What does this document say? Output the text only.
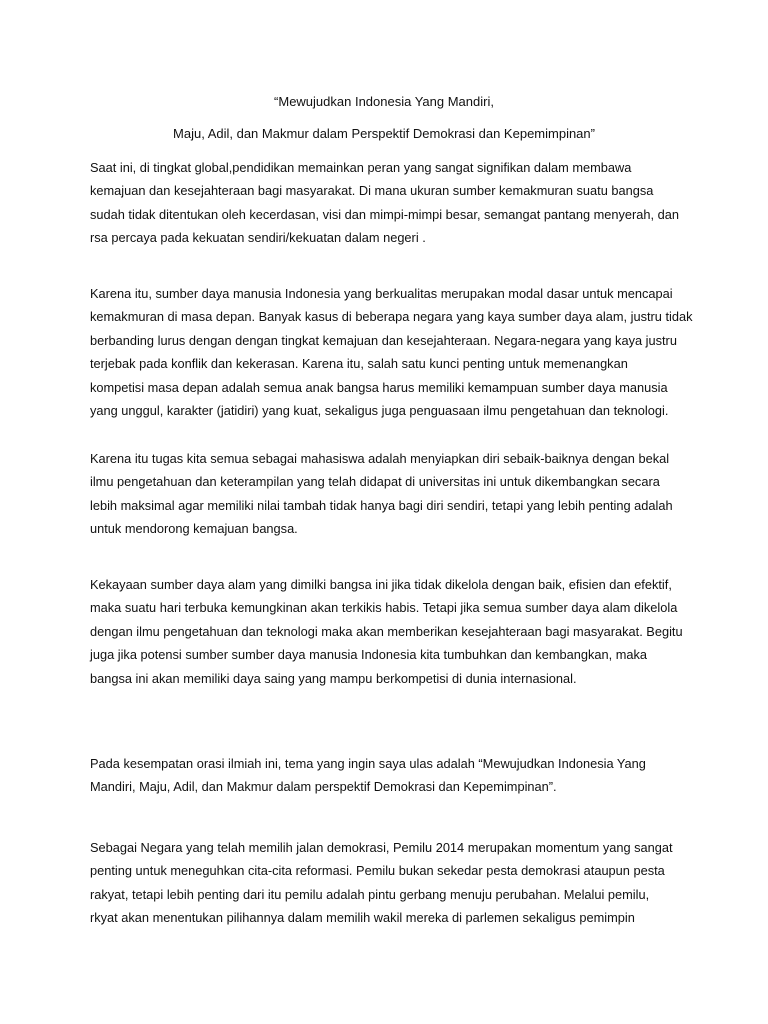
“Mewujudkan Indonesia Yang Mandiri,
Maju, Adil, dan Makmur dalam Perspektif Demokrasi dan Kepemimpinan”
Saat ini, di tingkat global,pendidikan memainkan peran yang sangat signifikan dalam membawa
kemajuan dan kesejahteraan bagi masyarakat. Di mana ukuran sumber kemakmuran suatu bangsa
sudah tidak ditentukan oleh kecerdasan, visi dan mimpi-mimpi besar, semangat pantang menyerah, dan
rsa percaya pada kekuatan sendiri/kekuatan dalam negeri .
Karena itu, sumber daya manusia Indonesia yang berkualitas merupakan modal dasar untuk mencapai
kemakmuran di masa depan. Banyak kasus di beberapa negara yang kaya sumber daya alam, justru tidak
berbanding lurus dengan dengan tingkat kemajuan dan kesejahteraan. Negara-negara yang kaya justru
terjebak pada konflik dan kekerasan. Karena itu, salah satu kunci penting untuk memenangkan
kompetisi masa depan adalah semua anak bangsa harus memiliki kemampuan sumber daya manusia
yang unggul, karakter (jatidiri) yang kuat, sekaligus juga penguasaan ilmu pengetahuan dan teknologi.
Karena itu tugas kita semua sebagai mahasiswa adalah menyiapkan diri sebaik-baiknya dengan bekal
ilmu pengetahuan dan keterampilan yang telah didapat di universitas ini untuk dikembangkan secara
lebih maksimal agar memiliki nilai tambah tidak hanya bagi diri sendiri, tetapi yang lebih penting adalah
untuk mendorong kemajuan bangsa.
Kekayaan sumber daya alam yang dimilki bangsa ini jika tidak dikelola dengan baik, efisien dan efektif,
maka suatu hari terbuka kemungkinan akan terkikis habis. Tetapi jika semua sumber daya alam dikelola
dengan ilmu pengetahuan dan teknologi maka akan memberikan kesejahteraan bagi masyarakat. Begitu
juga jika potensi sumber sumber daya manusia Indonesia kita tumbuhkan dan kembangkan, maka
bangsa ini akan memiliki daya saing yang mampu berkompetisi di dunia internasional.
Pada kesempatan orasi ilmiah ini, tema yang ingin saya ulas adalah “Mewujudkan Indonesia Yang
Mandiri, Maju, Adil, dan Makmur dalam perspektif Demokrasi dan Kepemimpinan”.
Sebagai Negara yang telah memilih jalan demokrasi, Pemilu 2014 merupakan momentum yang sangat
penting untuk meneguhkan cita-cita reformasi. Pemilu bukan sekedar pesta demokrasi ataupun pesta
rakyat, tetapi lebih penting dari itu pemilu adalah pintu gerbang menuju perubahan. Melalui pemilu,
rkyat akan menentukan pilihannya dalam memilih wakil mereka di parlemen sekaligus pemimpin
